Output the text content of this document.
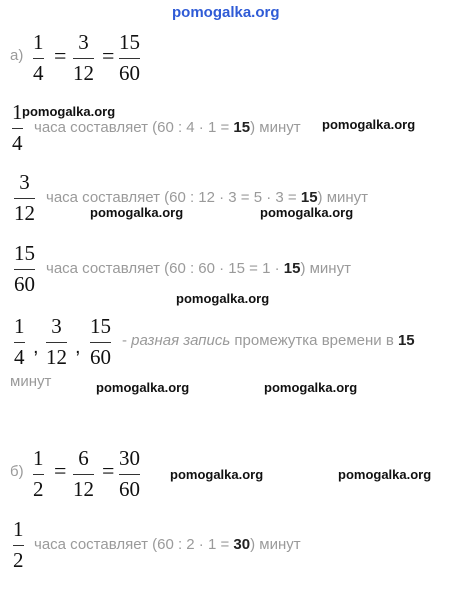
pomogalka.org
pomogalka.org
pomogalka.org
pomogalka.org	pomogalka.org
pomogalka.org
pomogalka.org	pomogalka.org
pomogalka.org	pomogalka.org
а)
1
4
=
3
12
=
15
60
1
4
часа составляет (60 : 4 · 1 = 15) минут
3
12
часа составляет (60 : 12 · 3 = 5 · 3 = 15) минут
15
60
часа составляет (60 : 60 · 15 = 1 · 15) минут
1
4 ,
3
12 ,
15
60
- разная запись промежутка времени в 15
минут
б)
1
2
= 6
12
= 30
60
1
2
часа составляет (60 : 2 · 1 = 30) минут
